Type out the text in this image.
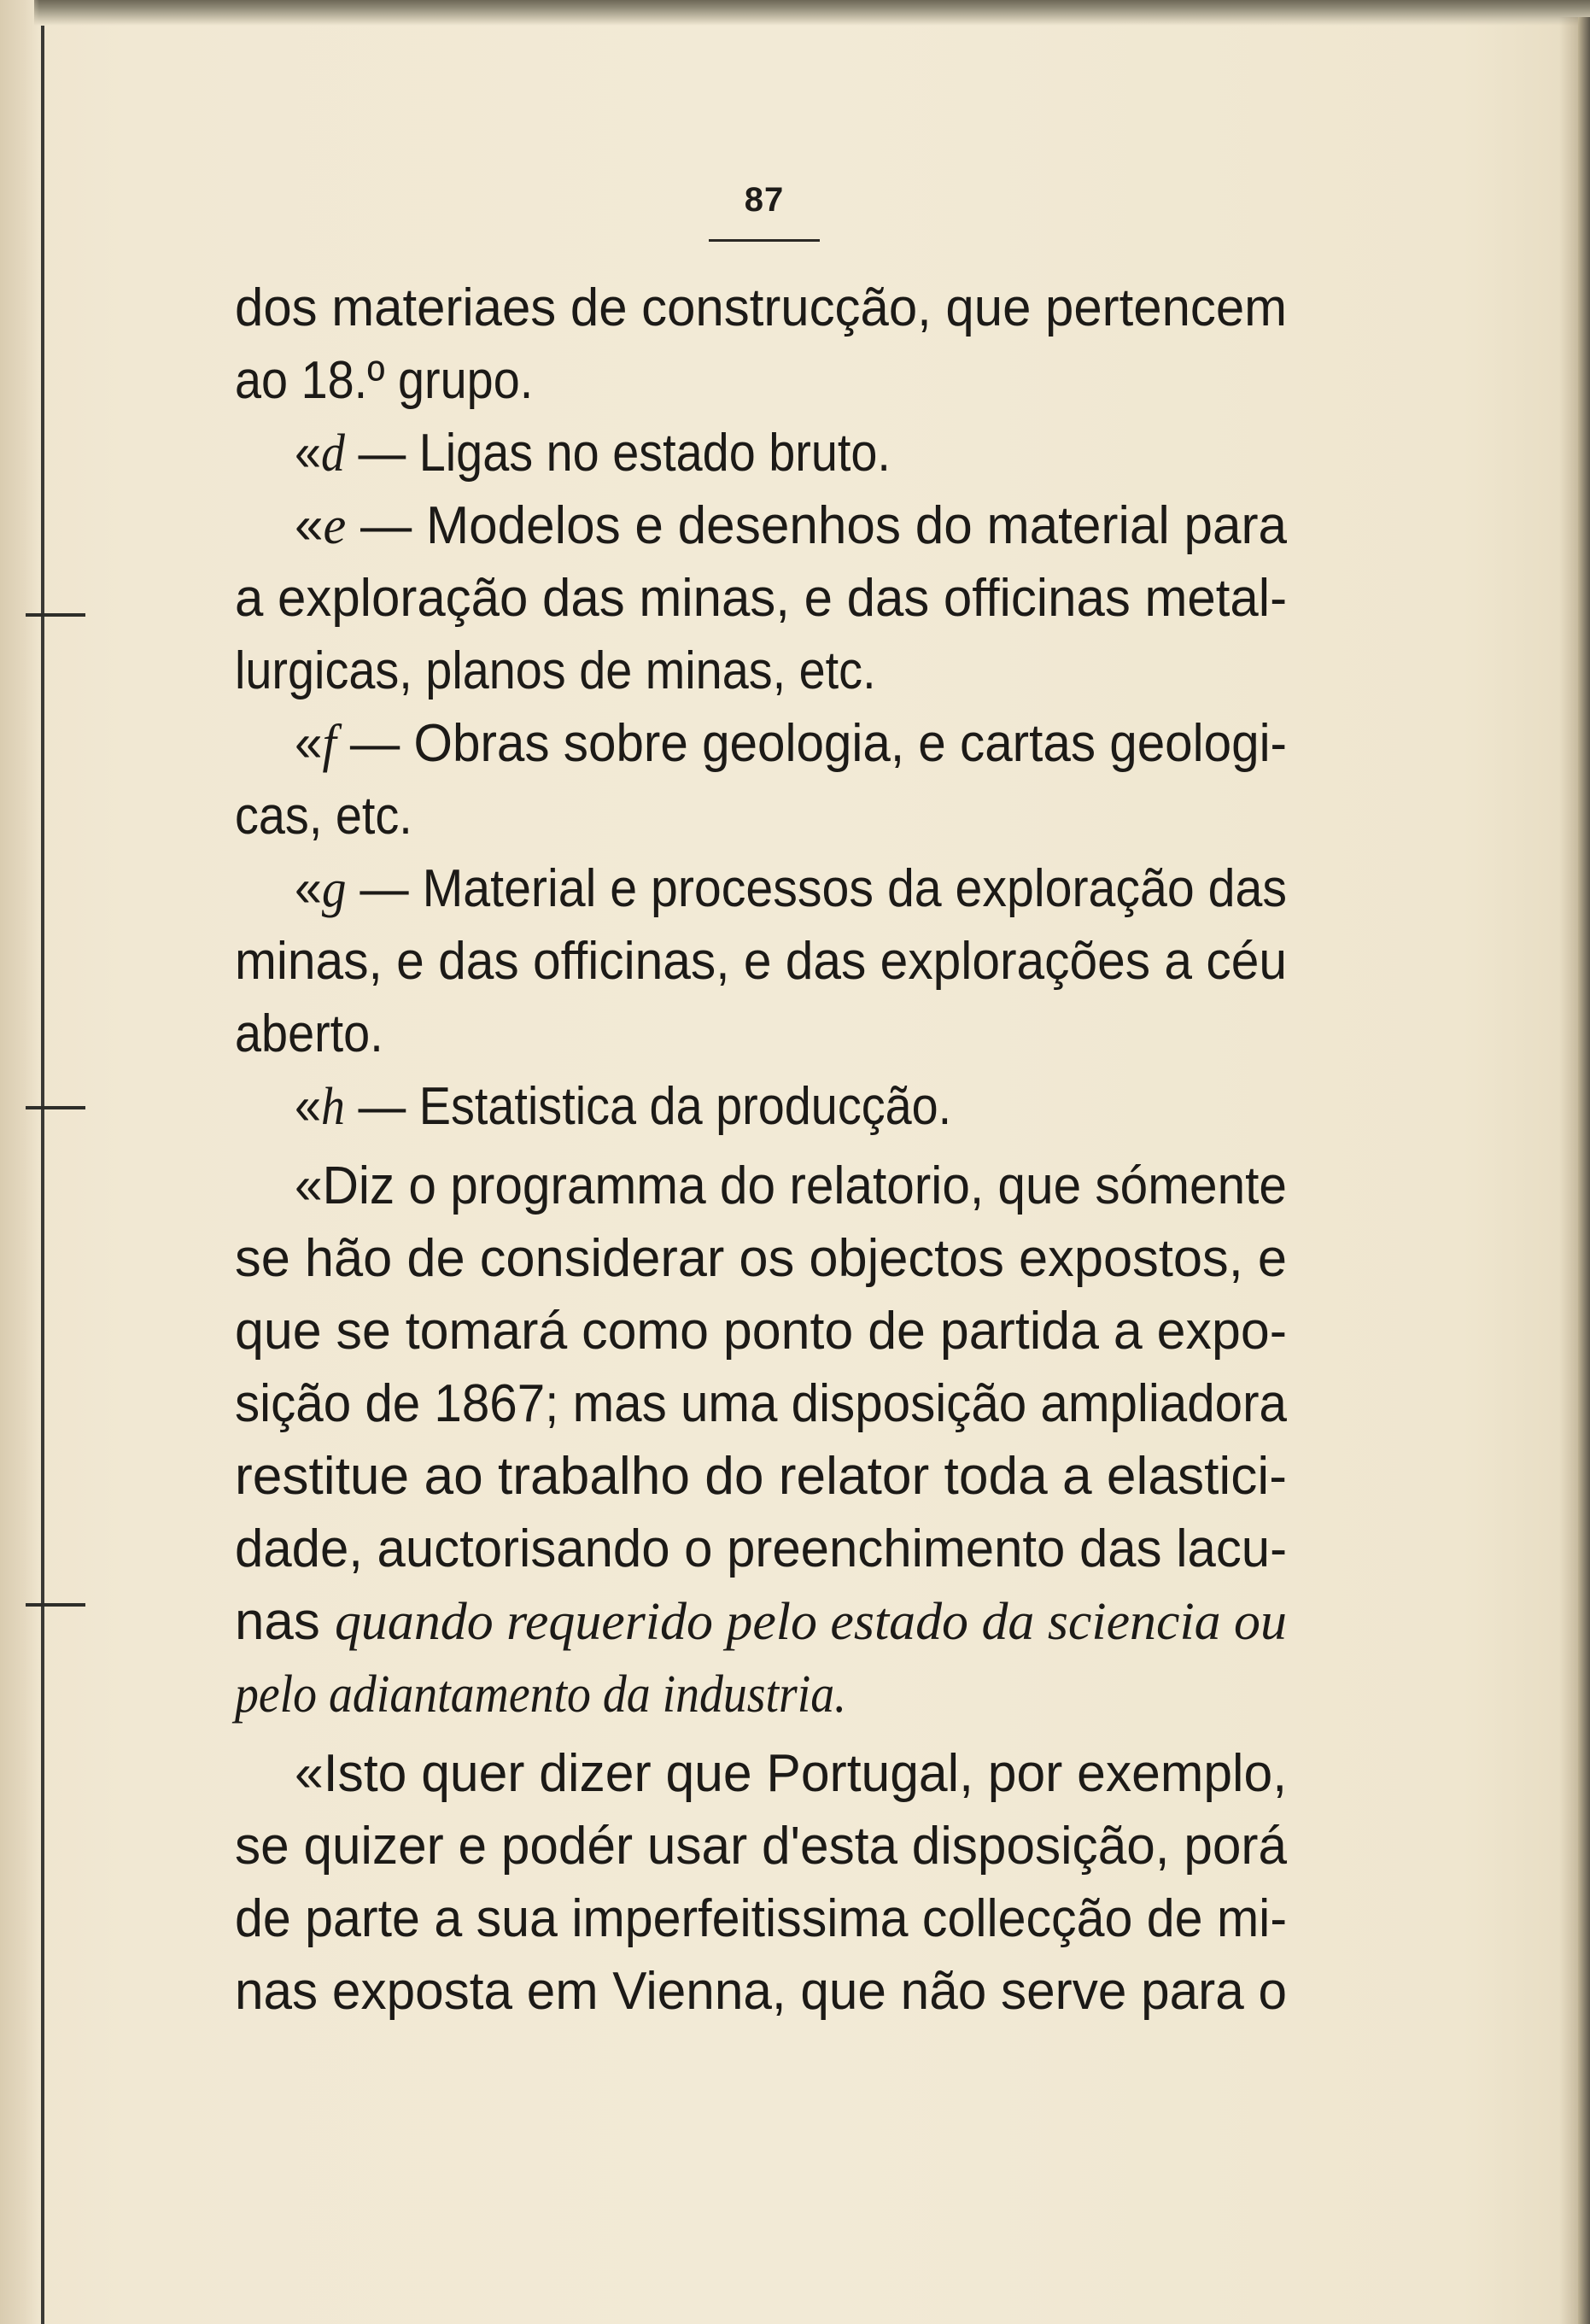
87
dos materiaes de construcção, que pertencem
ao 18.º grupo.
«d — Ligas no estado bruto.
«e — Modelos e desenhos do material para
a exploração das minas, e das officinas metal-
lurgicas, planos de minas, etc.
«f — Obras sobre geologia, e cartas geologi-
cas, etc.
«g — Material e processos da exploração das
minas, e das officinas, e das explorações a céu
aberto.
«h — Estatistica da producção.
«Diz o programma do relatorio, que sómente
se hão de considerar os objectos expostos, e
que se tomará como ponto de partida a expo-
sição de 1867; mas uma disposição ampliadora
restitue ao trabalho do relator toda a elastici-
dade, auctorisando o preenchimento das lacu-
nas quando requerido pelo estado da sciencia ou
pelo adiantamento da industria.
«Isto quer dizer que Portugal, por exemplo,
se quizer e podér usar d'esta disposição, porá
de parte a sua imperfeitissima collecção de mi-
nas exposta em Vienna, que não serve para o
